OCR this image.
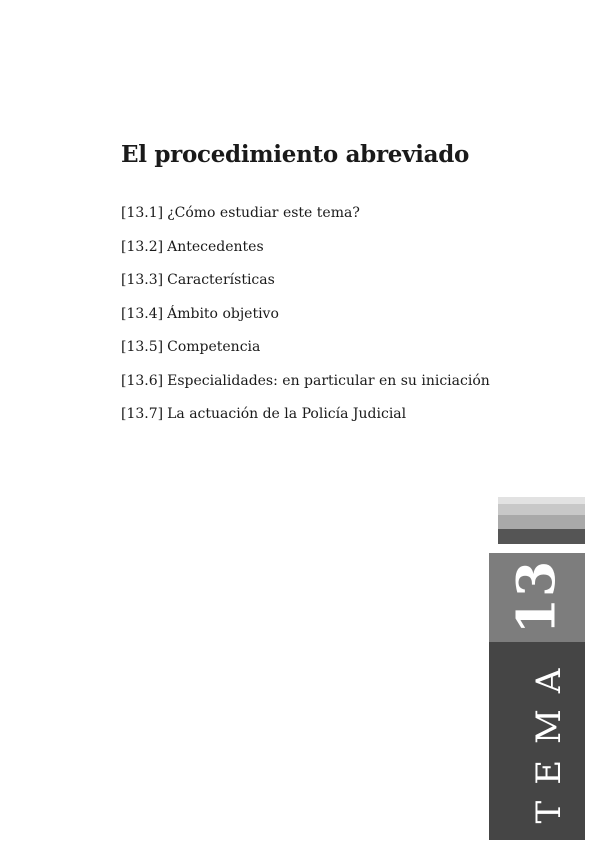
El procedimiento abreviado
[13.1] ¿Cómo estudiar este tema?
[13.2] Antecedentes
[13.3] Características
[13.4] Ámbito objetivo
[13.5] Competencia
[13.6] Especialidades: en particular en su iniciación
[13.7] La actuación de la Policía Judicial
13
TEMA
